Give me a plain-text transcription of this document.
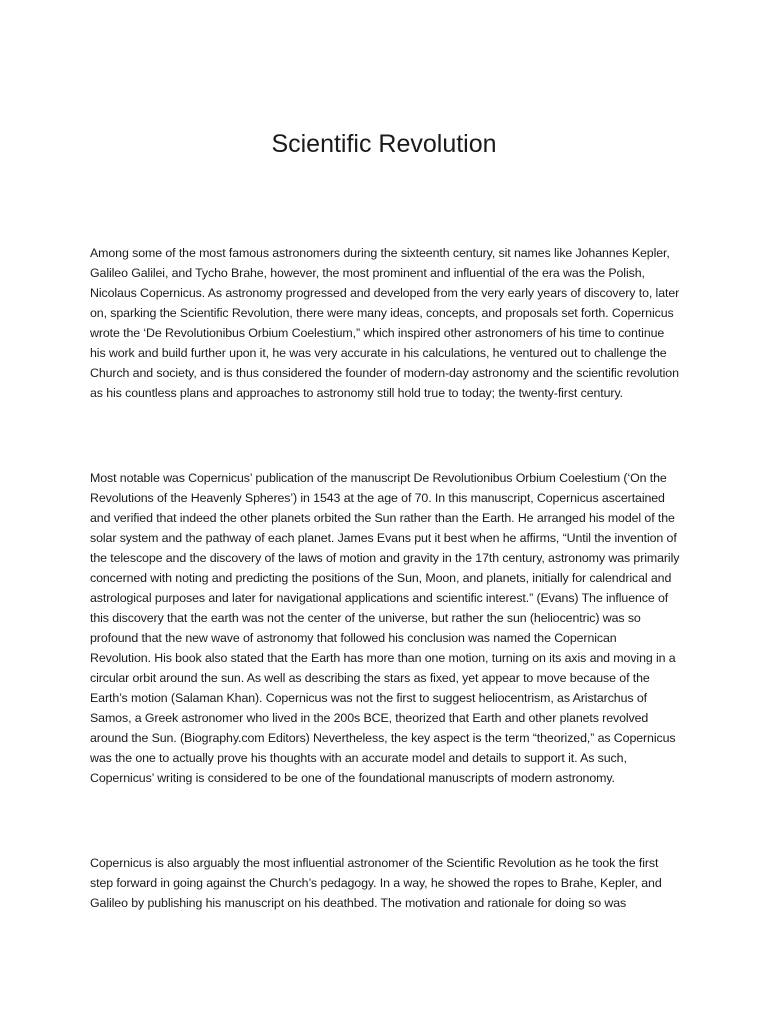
Scientific Revolution

Among some of the most famous astronomers during the sixteenth century, sit names like Johannes Kepler, Galileo Galilei, and Tycho Brahe, however, the most prominent and influential of the era was the Polish, Nicolaus Copernicus. As astronomy progressed and developed from the very early years of discovery to, later on, sparking the Scientific Revolution, there were many ideas, concepts, and proposals set forth. Copernicus wrote the ‘De Revolutionibus Orbium Coelestium,” which inspired other astronomers of his time to continue his work and build further upon it, he was very accurate in his calculations, he ventured out to challenge the Church and society, and is thus considered the founder of modern-day astronomy and the scientific revolution as his countless plans and approaches to astronomy still hold true to today; the twenty-first century.

Most notable was Copernicus’ publication of the manuscript De Revolutionibus Orbium Coelestium (‘On the Revolutions of the Heavenly Spheres’) in 1543 at the age of 70. In this manuscript, Copernicus ascertained and verified that indeed the other planets orbited the Sun rather than the Earth. He arranged his model of the solar system and the pathway of each planet. James Evans put it best when he affirms, “Until the invention of the telescope and the discovery of the laws of motion and gravity in the 17th century, astronomy was primarily concerned with noting and predicting the positions of the Sun, Moon, and planets, initially for calendrical and astrological purposes and later for navigational applications and scientific interest.” (Evans) The influence of this discovery that the earth was not the center of the universe, but rather the sun (heliocentric) was so profound that the new wave of astronomy that followed his conclusion was named the Copernican Revolution. His book also stated that the Earth has more than one motion, turning on its axis and moving in a circular orbit around the sun. As well as describing the stars as fixed, yet appear to move because of the Earth’s motion (Salaman Khan). Copernicus was not the first to suggest heliocentrism, as Aristarchus of Samos, a Greek astronomer who lived in the 200s BCE, theorized that Earth and other planets revolved around the Sun. (Biography.com Editors) Nevertheless, the key aspect is the term “theorized,” as Copernicus was the one to actually prove his thoughts with an accurate model and details to support it. As such, Copernicus’ writing is considered to be one of the foundational manuscripts of modern astronomy.

Copernicus is also arguably the most influential astronomer of the Scientific Revolution as he took the first step forward in going against the Church’s pedagogy. In a way, he showed the ropes to Brahe, Kepler, and Galileo by publishing his manuscript on his deathbed. The motivation and rationale for doing so was
